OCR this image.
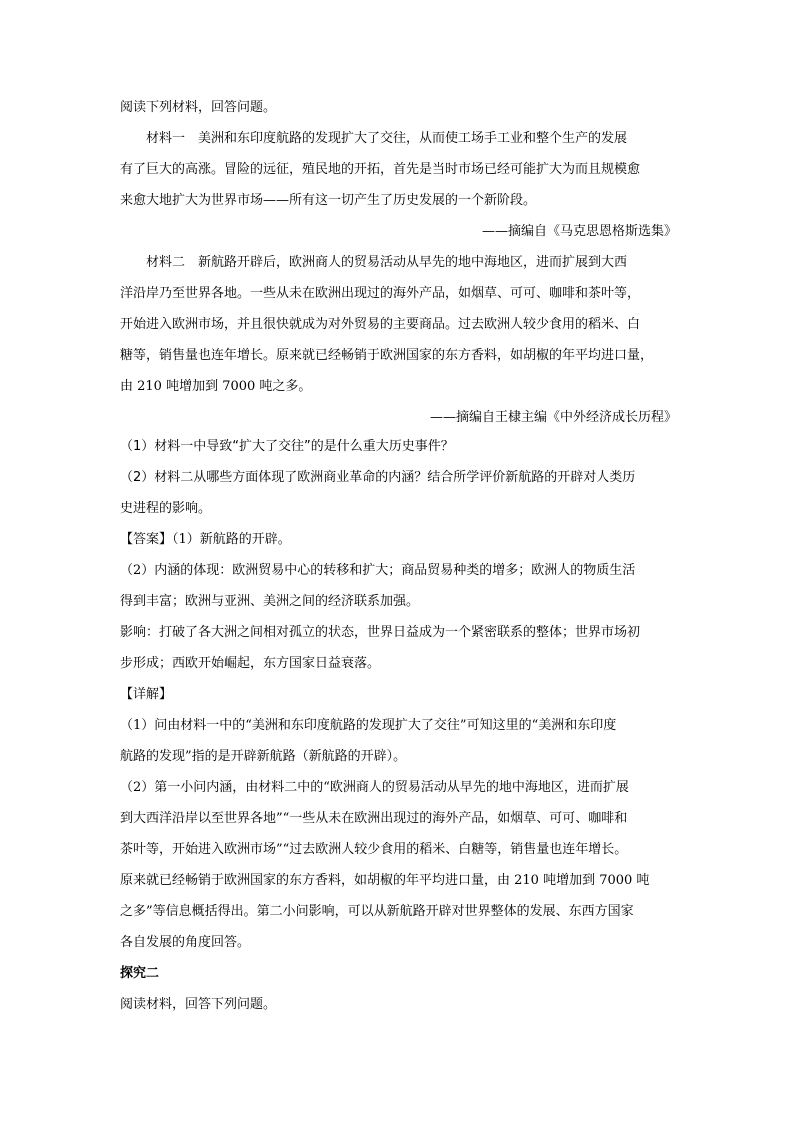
阅读下列材料，回答问题。
材料一　美洲和东印度航路的发现扩大了交往，从而使工场手工业和整个生产的发展
有了巨大的高涨。冒险的远征，殖民地的开拓，首先是当时市场已经可能扩大为而且规模愈
来愈大地扩大为世界市场——所有这一切产生了历史发展的一个新阶段。
——摘编自《马克思恩格斯选集》
材料二　新航路开辟后，欧洲商人的贸易活动从早先的地中海地区，进而扩展到大西
洋沿岸乃至世界各地。一些从未在欧洲出现过的海外产品，如烟草、可可、咖啡和茶叶等，
开始进入欧洲市场，并且很快就成为对外贸易的主要商品。过去欧洲人较少食用的稻米、白
糖等，销售量也连年增长。原来就已经畅销于欧洲国家的东方香料，如胡椒的年平均进口量，
由 210 吨增加到 7000 吨之多。
——摘编自王棣主编《中外经济成长历程》
（1）材料一中导致“扩大了交往”的是什么重大历史事件？
（2）材料二从哪些方面体现了欧洲商业革命的内涵？结合所学评价新航路的开辟对人类历
史进程的影响。
【答案】（1）新航路的开辟。
（2）内涵的体现：欧洲贸易中心的转移和扩大；商品贸易种类的增多；欧洲人的物质生活
得到丰富；欧洲与亚洲、美洲之间的经济联系加强。
影响：打破了各大洲之间相对孤立的状态，世界日益成为一个紧密联系的整体；世界市场初
步形成；西欧开始崛起，东方国家日益衰落。
【详解】
（1）问由材料一中的“美洲和东印度航路的发现扩大了交往”可知这里的“美洲和东印度
航路的发现”指的是开辟新航路（新航路的开辟）。
（2）第一小问内涵，由材料二中的“欧洲商人的贸易活动从早先的地中海地区，进而扩展
到大西洋沿岸以至世界各地”“一些从未在欧洲出现过的海外产品，如烟草、可可、咖啡和
茶叶等，开始进入欧洲市场”“过去欧洲人较少食用的稻米、白糖等，销售量也连年增长。
原来就已经畅销于欧洲国家的东方香料，如胡椒的年平均进口量，由 210 吨增加到 7000 吨
之多”等信息概括得出。第二小问影响，可以从新航路开辟对世界整体的发展、东西方国家
各自发展的角度回答。
探究二
阅读材料，回答下列问题。
